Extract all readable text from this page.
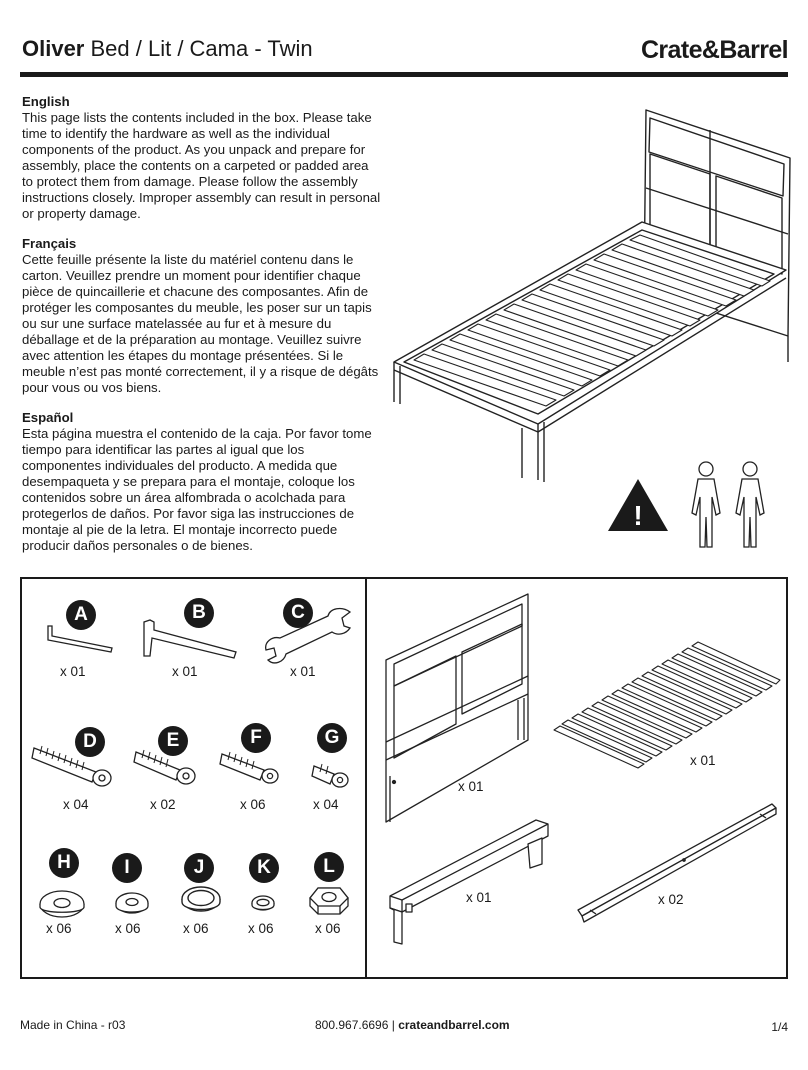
Oliver Bed / Lit / Cama - Twin	Crate&Barrel
English

This page lists the contents included in the box. Please take time to identify the hardware as well as the individual components of the product. As you unpack and prepare for assembly, place the contents on a carpeted or padded area to protect them from damage. Please follow the assembly instructions closely. Improper assembly can result in personal or property damage.

Français

Cette feuille présente la liste du matériel contenu dans le carton. Veuillez prendre un moment pour identifier chaque pièce de quincaillerie et chacune des composantes. Afin de protéger les composantes du meuble, les poser sur un tapis ou sur une surface matelassée au fur et à mesure du déballage et de la préparation au montage. Veuillez suivre avec attention les étapes du montage présentées. Si le meuble n’est pas monté correctement, il y a risque de dégâts pour vous ou vos biens.

Español

Esta página muestra el contenido de la caja. Por favor tome tiempo para identificar las partes al igual que los componentes individuales del producto. A medida que desempaqueta y se prepara para el montaje, coloque los contenidos sobre un área alfombrada o acolchada para protegerlos de daños. Por favor siga las instrucciones de montaje al pie de la letra. El montaje incorrecto puede producir daños personales o de bienes.

!
A
x 01
B
x 01
C
x 01
D
x 04
E
x 02
F
x 06
G
x 04
H
x 06
I
x 06
J
x 06
K
x 06
L
x 06
x 01
x 01
x 01	x 02
Made in China - r03	800.967.6696 | crateandbarrel.com	1/4
